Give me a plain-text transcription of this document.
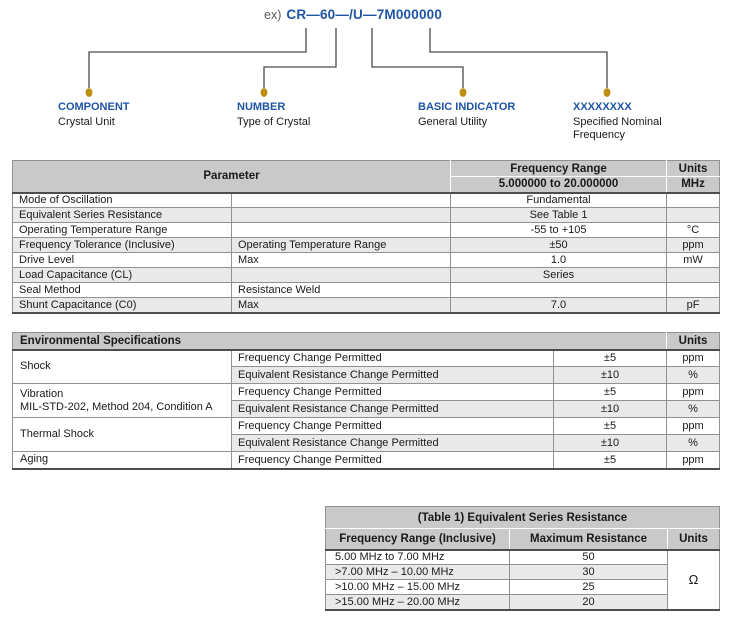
ex) CR—60—/U—7M000000
COMPONENT
Crystal Unit
NUMBER
Type of Crystal
BASIC INDICATOR
General Utility
XXXXXXXX
Specified Nominal Frequency
Parameter		Frequency Range	Units
		5.000000 to 20.000000	MHz
Mode of Oscillation		Fundamental	
Equivalent Series Resistance		See Table 1	
Operating Temperature Range		-55 to +105	°C
Frequency Tolerance (Inclusive)	Operating Temperature Range	±50	ppm
Drive Level	Max	1.0	mW
Load Capacitance (CL)		Series	
Seal Method	Resistance Weld		
Shunt Capacitance (C0)	Max	7.0	pF
Environmental Specifications			Units
Shock	Frequency Change Permitted	±5	ppm
	Equivalent Resistance Change Permitted	±10	%

Vibration
MIL-STD-202, Method 204, Condition A	Frequency Change Permitted	±5	ppm
	Equivalent Resistance Change Permitted	±10	%
Thermal Shock	Frequency Change Permitted	±5	ppm
	Equivalent Resistance Change Permitted	±10	%
Aging	Frequency Change Permitted	±5	ppm
(Table 1) Equivalent Series Resistance		
Frequency Range (Inclusive)	Maximum Resistance	Units
5.00 MHz to 7.00 MHz	50	Ω
>7.00 MHz – 10.00 MHz	30	
>10.00 MHz – 15.00 MHz	25	
>15.00 MHz – 20.00 MHz	20	
